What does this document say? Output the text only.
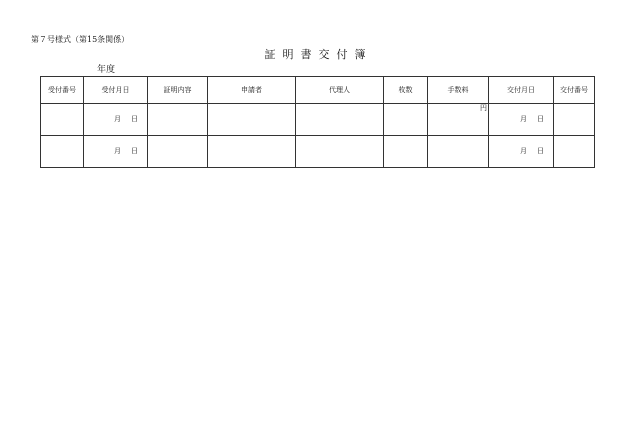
第７号様式（第15条関係）
証明書交付簿
年度
受付番号	受付月日	証明内容	申請者	代理人	枚数	手数料	交付月日	交付番号
	月 日					円	月 日	
	月 日						月 日	
